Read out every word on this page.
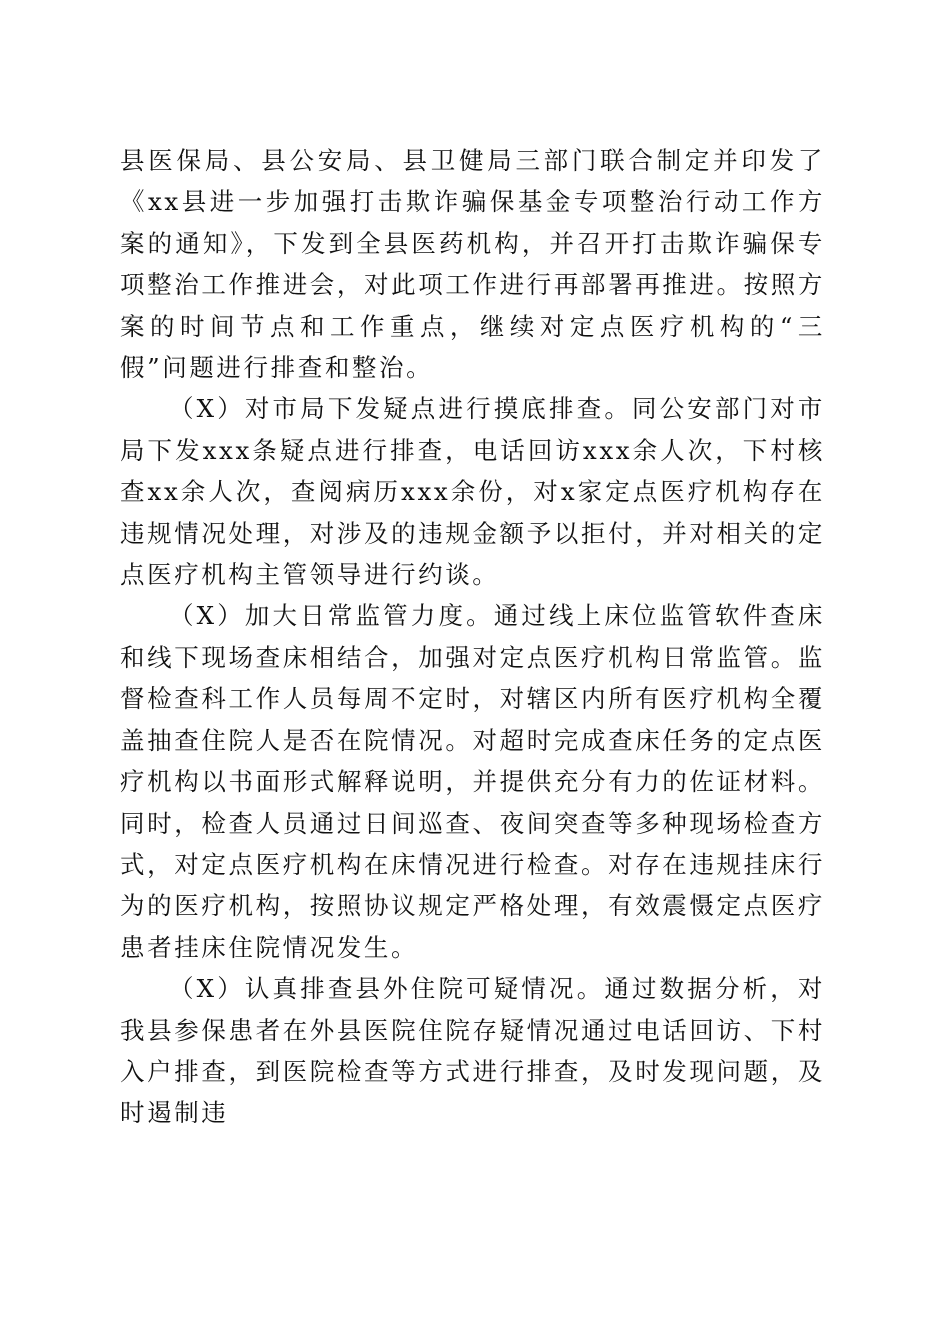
县医保局、县公安局、县卫健局三部门联合制定并印发了《xx县进一步加强打击欺诈骗保基金专项整治行动工作方案的通知》，下发到全县医药机构，并召开打击欺诈骗保专项整治工作推进会，对此项工作进行再部署再推进。按照方案的时间节点和工作重点，继续对定点医疗机构的“三假”问题进行排查和整治。

（X）对市局下发疑点进行摸底排查。同公安部门对市局下发xxx条疑点进行排查，电话回访xxx余人次，下村核查xx余人次，查阅病历xxx余份，对x家定点医疗机构存在违规情况处理，对涉及的违规金额予以拒付，并对相关的定点医疗机构主管领导进行约谈。

（X）加大日常监管力度。通过线上床位监管软件查床和线下现场查床相结合，加强对定点医疗机构日常监管。监督检查科工作人员每周不定时，对辖区内所有医疗机构全覆盖抽查住院人是否在院情况。对超时完成查床任务的定点医疗机构以书面形式解释说明，并提供充分有力的佐证材料。同时，检查人员通过日间巡查、夜间突查等多种现场检查方式，对定点医疗机构在床情况进行检查。对存在违规挂床行为的医疗机构，按照协议规定严格处理，有效震慑定点医疗患者挂床住院情况发生。

（X）认真排查县外住院可疑情况。通过数据分析，对我县参保患者在外县医院住院存疑情况通过电话回访、下村入户排查，到医院检查等方式进行排查，及时发现问题，及时遏制违
